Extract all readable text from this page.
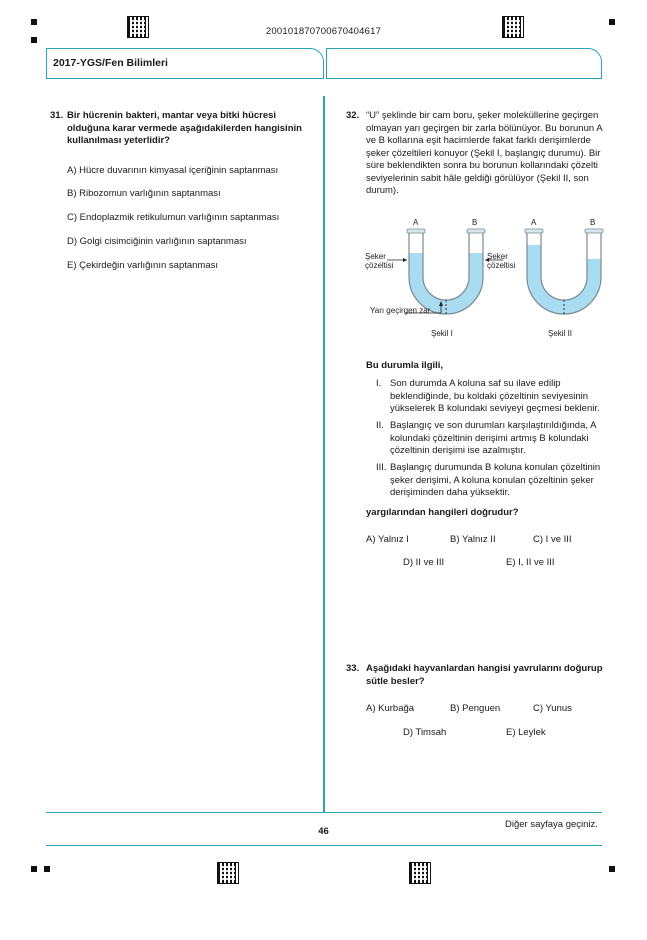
20010187070067040461​7
2017-YGS/Fen Bilimleri
31. Bir hücrenin bakteri, mantar veya bitki hücresi olduğuna karar vermede aşağıdakilerden hangisinin kullanılması yeterlidir?
A) Hücre duvarının kimyasal içeriğinin saptanması
B) Ribozomun varlığının saptanması
C) Endoplazmik retikulumun varlığının saptanması
D) Golgi cisimciğinin varlığının saptanması
E) Çekirdeğin varlığının saptanması
32. “U” şeklinde bir cam boru, şeker moleküllerine geçirgen olmayan yarı geçirgen bir zarla bölünüyor. Bu borunun A ve B kollarına eşit hacimlerde fakat farklı derişimlerde şeker çözeltileri konuyor (Şekil I, başlangıç durumu). Bir süre beklendikten sonra bu borunun kollarındaki çözelti seviyelerinin sabit hâle geldiği görülüyor (Şekil II, son durum).
A	B
Şeker
çözeltisi
Şeker
çözeltisi
Yarı geçirgen zar
Şekil I
A	B
Şekil II
Bu durumla ilgili,
I. Son durumda A koluna saf su ilave edilip beklendiğinde, bu koldaki çözeltinin seviyesinin yükselerek B kolundaki seviyeyi geçmesi beklenir.
II. Başlangıç ve son durumları karşılaştırıldığında, A kolundaki çözeltinin derişimi artmış B kolundaki çözeltinin derişimi ise azalmıştır.
III. Başlangıç durumunda B koluna konulan çözeltinin şeker derişimi, A koluna konulan çözeltinin şeker derişiminden daha yüksektir.
yargılarından hangileri doğrudur?
A) Yalnız I	B) Yalnız II	C) I ve III
D) II ve III	E) I, II ve III
33. Aşağıdaki hayvanlardan hangisi yavrularını doğurup sütle besler?
A) Kurbağa	B) Penguen	C) Yunus
D) Timsah	E) Leylek
Diğer sayfaya geçiniz.
46
